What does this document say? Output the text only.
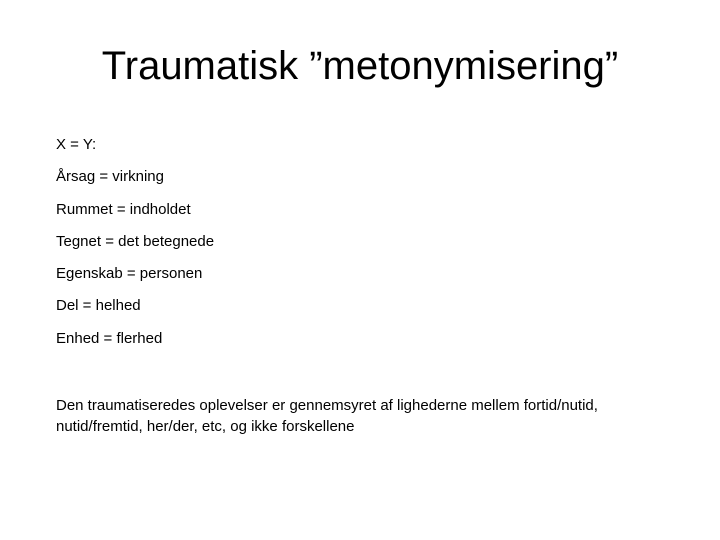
Traumatisk ”metonymisering”
X = Y:
Årsag = virkning
Rummet = indholdet
Tegnet = det betegnede
Egenskab = personen
Del = helhed
Enhed = flerhed

Den traumatiseredes oplevelser er gennemsyret af lighederne mellem fortid/nutid, nutid/fremtid, her/der, etc, og ikke forskellene
